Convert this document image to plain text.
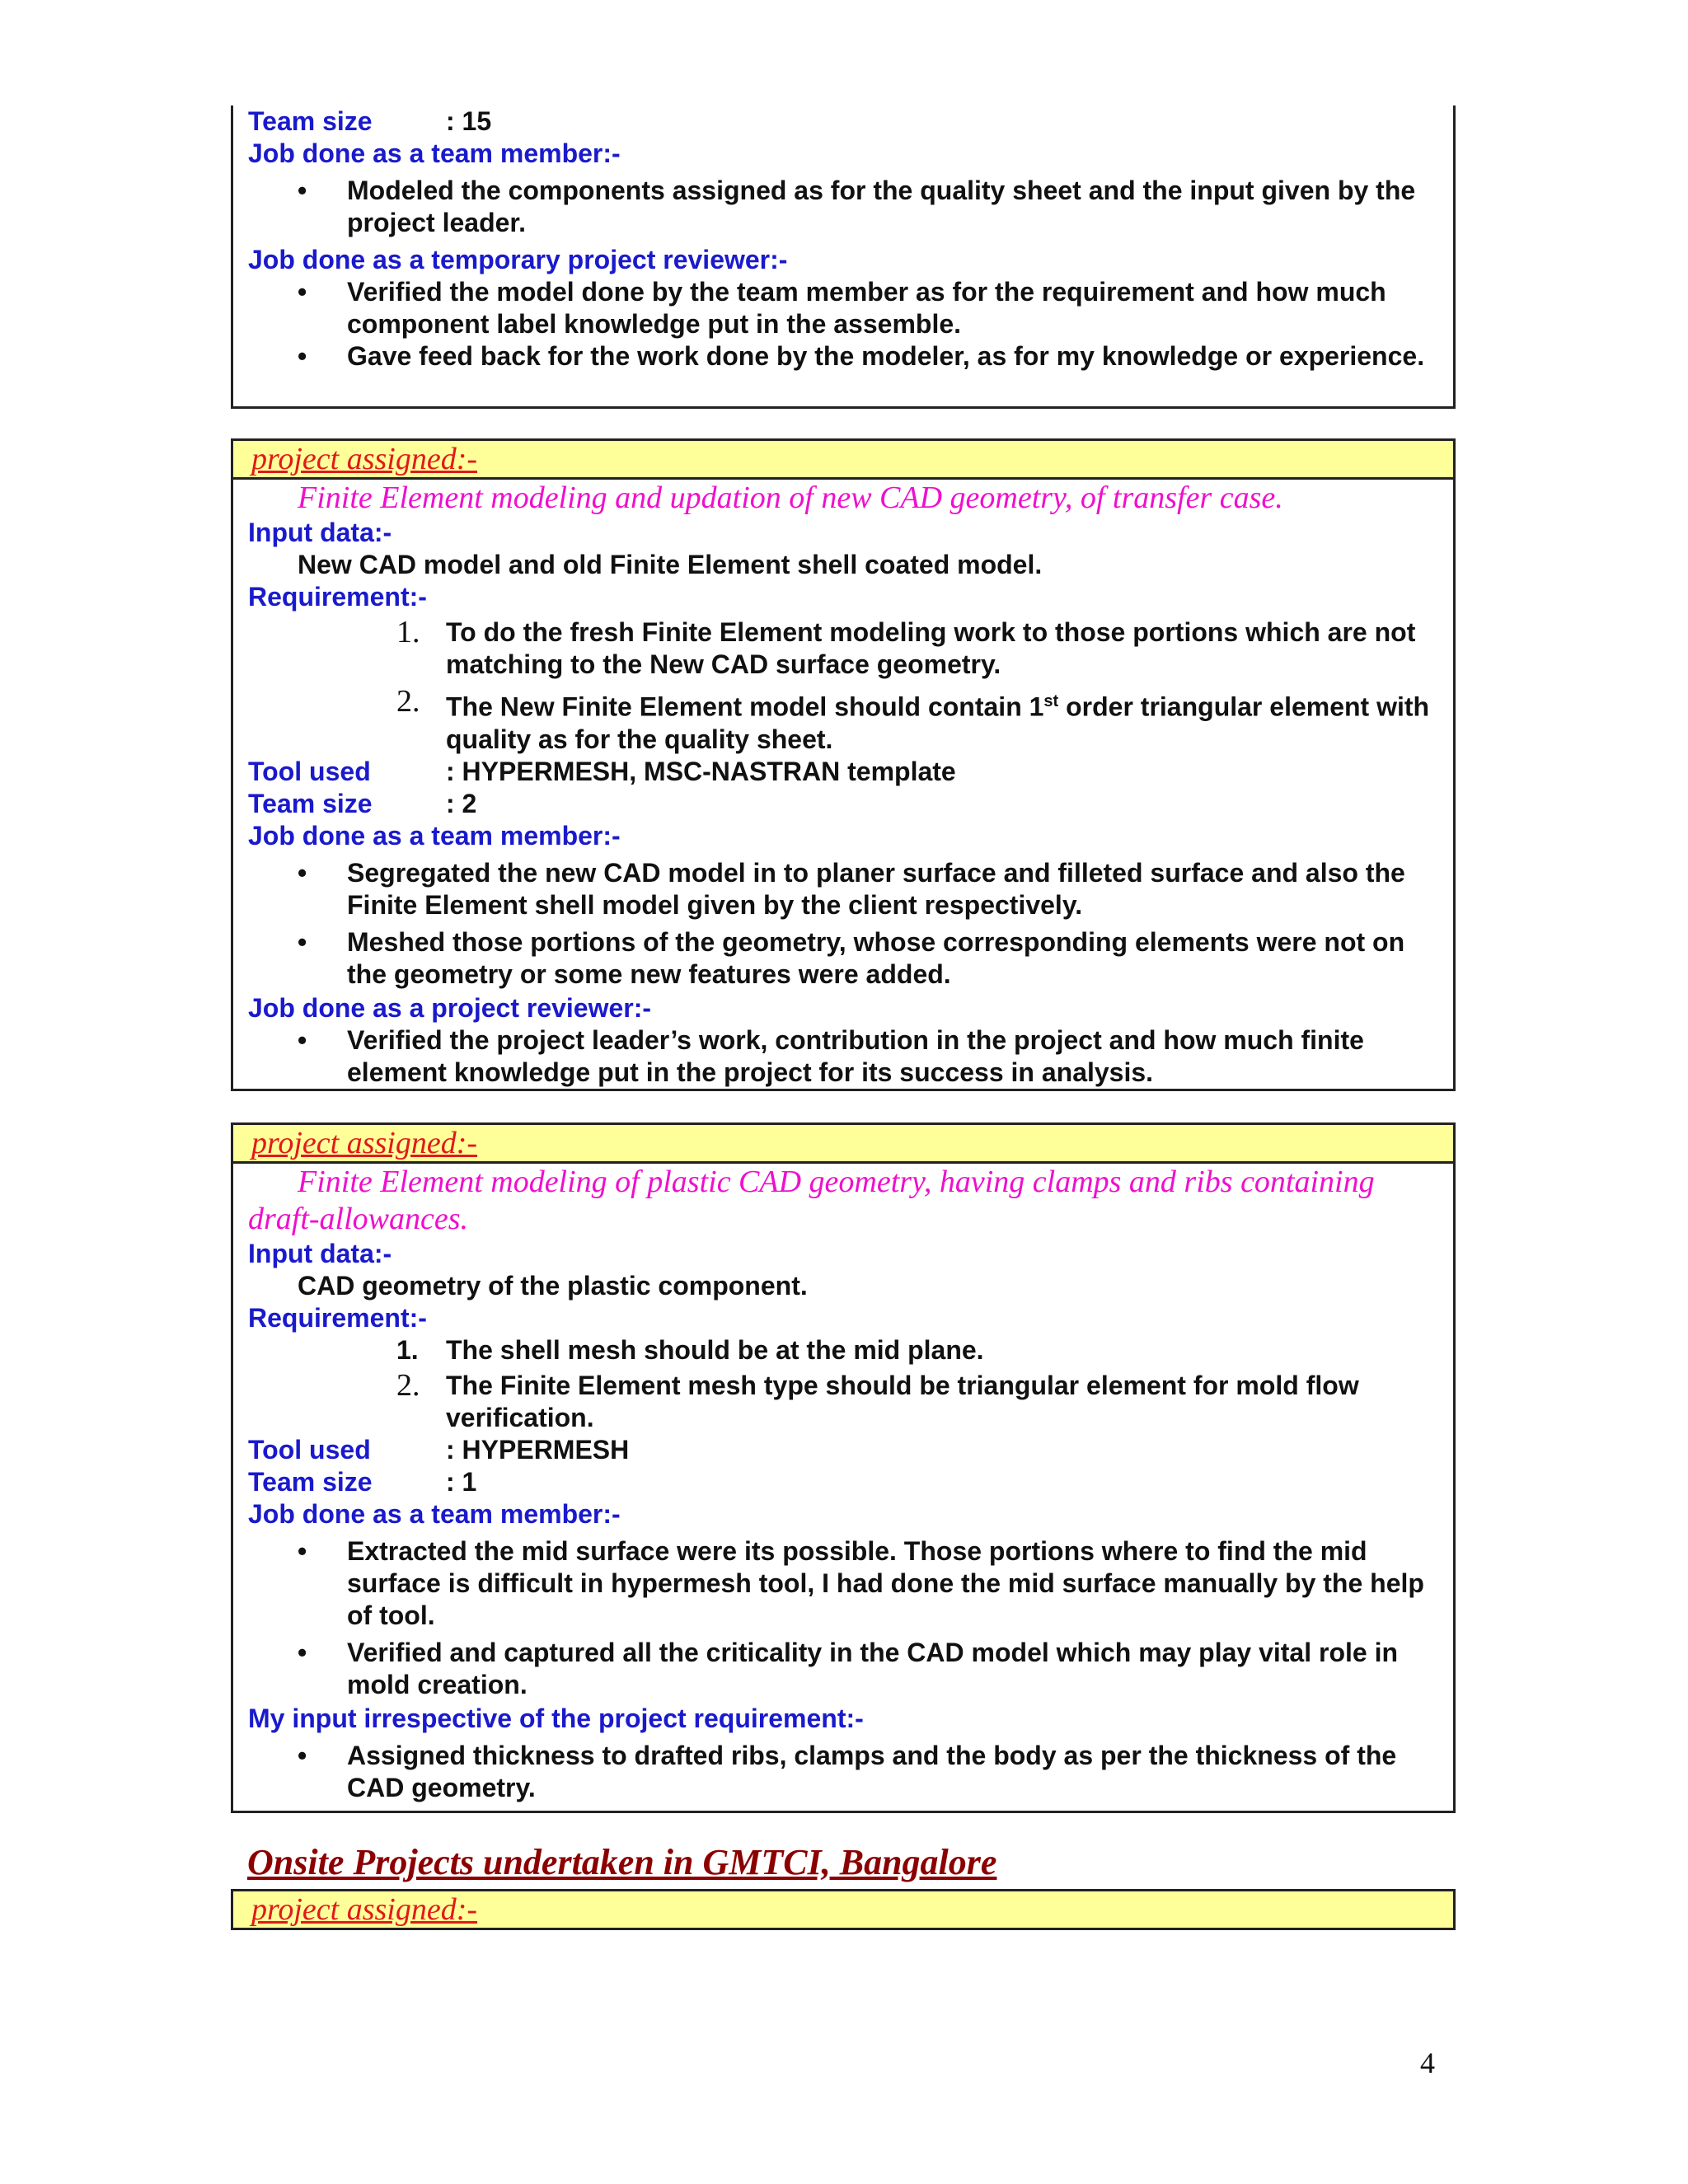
Team size	: 15
Job done as a team member:-
•	Modeled the components assigned as for the quality sheet and the input given by the project leader.
Job done as a temporary project reviewer:-
•	Verified the model done by the team member as for the requirement and how much component label knowledge put in the assemble.
•	Gave feed back for the work done by the modeler, as for my knowledge or experience.
project assigned:-
Finite Element modeling and updation of new CAD geometry, of transfer case.
Input data:-
New CAD model and old Finite Element shell coated model.
Requirement:-
1. To do the fresh Finite Element modeling work to those portions which are not matching to the New CAD surface geometry.
2. The New Finite Element model should contain 1st order triangular element with quality as for the quality sheet.
Tool used	: HYPERMESH, MSC-NASTRAN template
Team size	: 2
Job done as a team member:-
•	Segregated the new CAD model in to planer surface and filleted surface and also the Finite Element shell model given by the client respectively.
•	Meshed those portions of the geometry, whose corresponding elements were not on the geometry or some new features were added.
Job done as a project reviewer:-
•	Verified the project leader’s work, contribution in the project and how much finite element knowledge put in the project for its success in analysis.
project assigned:-
Finite Element modeling of plastic CAD geometry, having clamps and ribs containing draft-allowances.
Input data:-
CAD geometry of the plastic component.
Requirement:-
1.	The shell mesh should be at the mid plane.
2. The Finite Element mesh type should be triangular element for mold flow verification.
Tool used	: HYPERMESH
Team size	: 1
Job done as a team member:-
•	Extracted the mid surface were its possible. Those portions where to find the mid surface is difficult in hypermesh tool, I had done the mid surface manually by the help of tool.
•	Verified and captured all the criticality in the CAD model which may play vital role in mold creation.
My input irrespective of the project requirement:-
•	Assigned thickness to drafted ribs, clamps and the body as per the thickness of the CAD geometry.
Onsite Projects undertaken in GMTCI, Bangalore
project assigned:-
4
